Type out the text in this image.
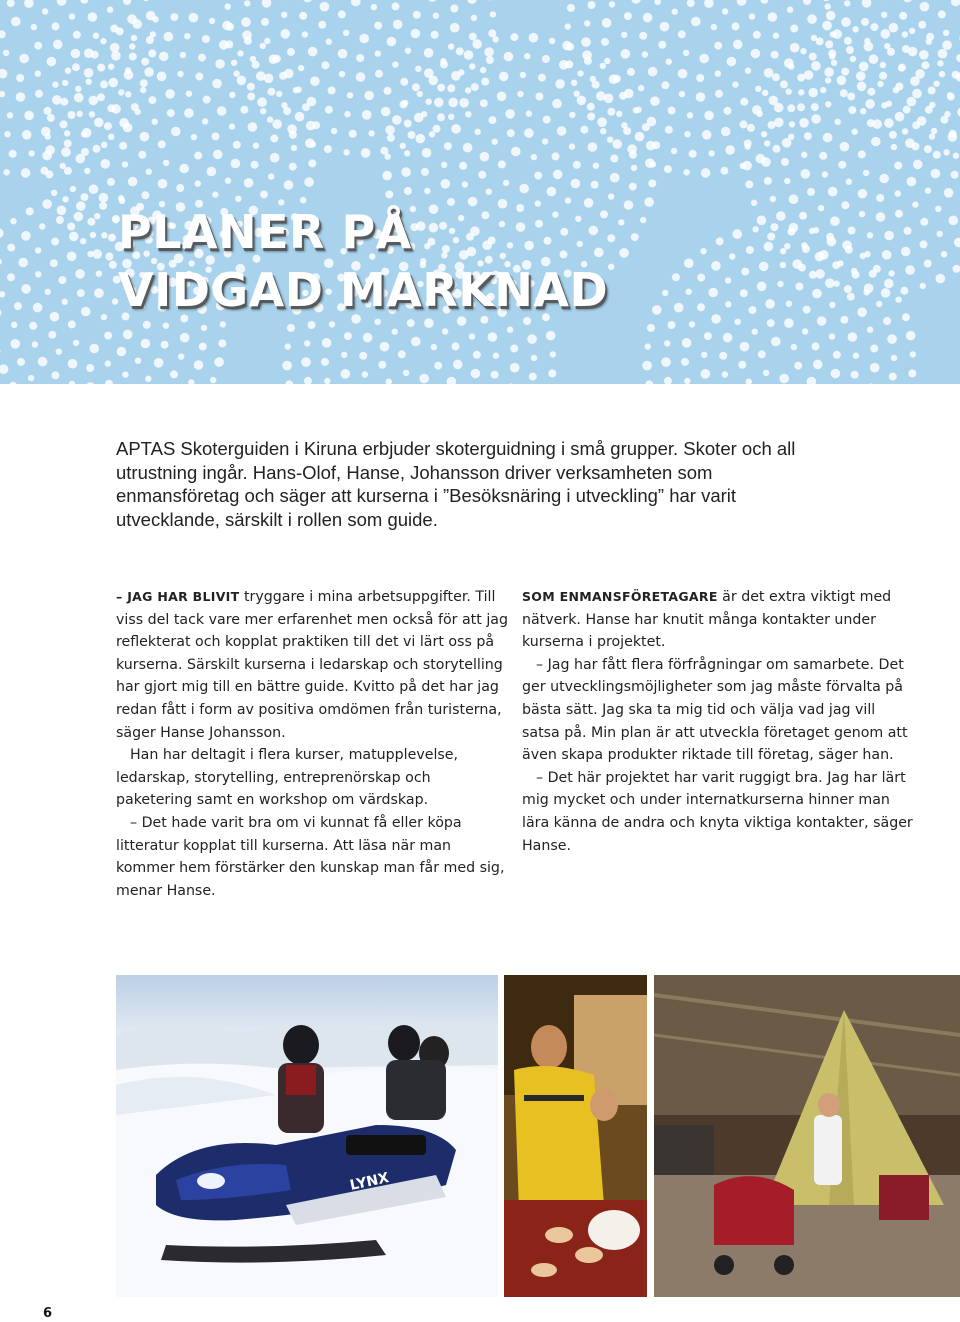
PLANER PÅ
VIDGAD MARKNAD

APTAS Skoterguiden i Kiruna erbjuder skoterguidning i små grupper. Skoter och all utrustning ingår. Hans-Olof, Hanse, Johansson driver verksamheten som enmansföretag och säger att kurserna i ”Besöksnäring i utveckling” har varit utvecklande, särskilt i rollen som guide.

– JAG HAR BLIVIT tryggare i mina arbetsuppgifter. Till viss del tack vare mer erfarenhet men också för att jag reflekterat och kopplat praktiken till det vi lärt oss på kurserna. Särskilt kurserna i ledarskap och storytelling har gjort mig till en bättre guide. Kvitto på det har jag redan fått i form av positiva omdömen från turisterna, säger Hanse Johansson.

Han har deltagit i flera kurser, matupplevelse, ledarskap, storytelling, entreprenörskap och paketering samt en workshop om värdskap.

– Det hade varit bra om vi kunnat få eller köpa litteratur kopplat till kurserna. Att läsa när man kommer hem förstärker den kunskap man får med sig, menar Hanse.

SOM ENMANSFÖRETAGARE är det extra viktigt med nätverk. Hanse har knutit många kontakter under kurserna i projektet.

– Jag har fått flera förfrågningar om samarbete. Det ger utvecklingsmöjligheter som jag måste förvalta på bästa sätt. Jag ska ta mig tid och välja vad jag vill satsa på. Min plan är att utveckla företaget genom att även skapa produkter riktade till företag, säger han.

– Det här projektet har varit ruggigt bra. Jag har lärt mig mycket och under internatkurserna hinner man lära känna de andra och knyta viktiga kontakter, säger Hanse.

LYNX
6
